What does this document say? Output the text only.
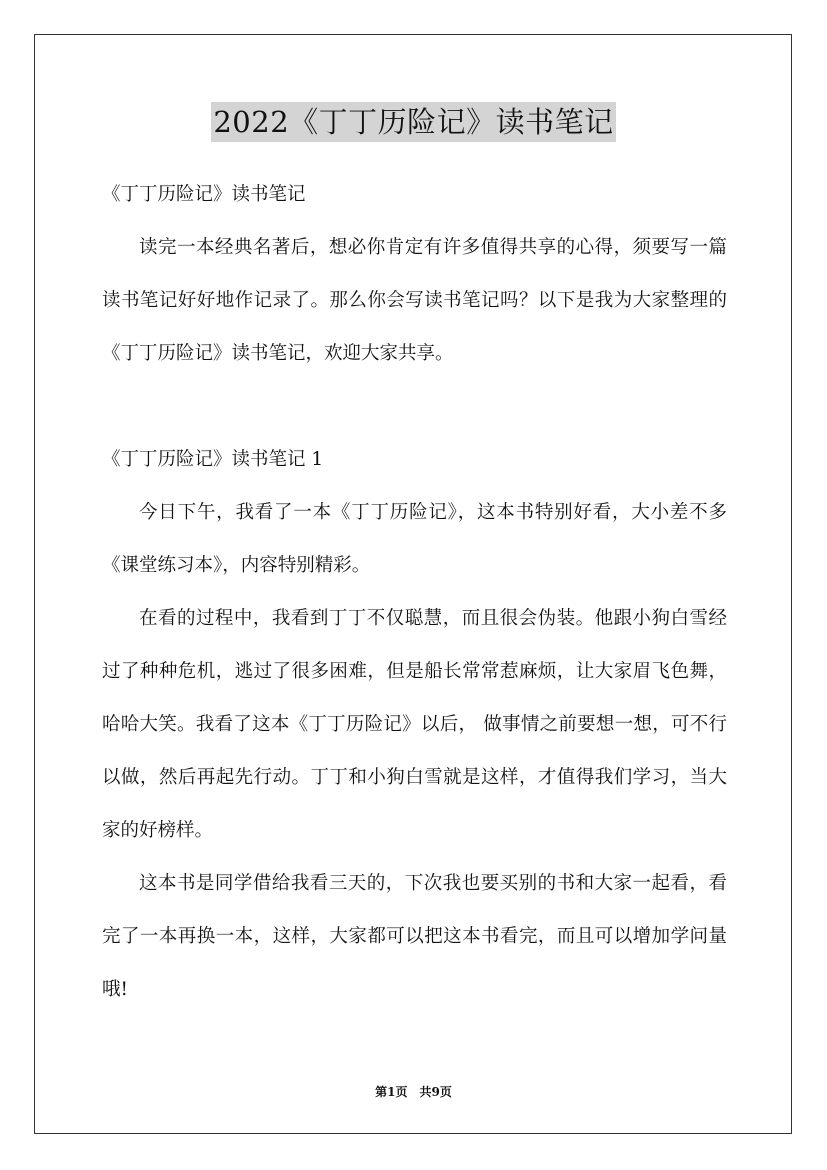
2022《丁丁历险记》读书笔记

《丁丁历险记》读书笔记

读完一本经典名著后，想必你肯定有许多值得共享的心得，须要写一篇读书笔记好好地作记录了。那么你会写读书笔记吗？以下是我为大家整理的《丁丁历险记》读书笔记，欢迎大家共享。

《丁丁历险记》读书笔记 1

今日下午，我看了一本《丁丁历险记》，这本书特别好看，大小差不多《课堂练习本》，内容特别精彩。

在看的过程中，我看到丁丁不仅聪慧，而且很会伪装。他跟小狗白雪经过了种种危机，逃过了很多困难，但是船长常常惹麻烦，让大家眉飞色舞，哈哈大笑。我看了这本《丁丁历险记》以后， 做事情之前要想一想，可不行以做，然后再起先行动。丁丁和小狗白雪就是这样，才值得我们学习，当大家的好榜样。

这本书是同学借给我看三天的，下次我也要买别的书和大家一起看，看完了一本再换一本，这样，大家都可以把这本书看完，而且可以增加学问量哦!

第1页 共9页
